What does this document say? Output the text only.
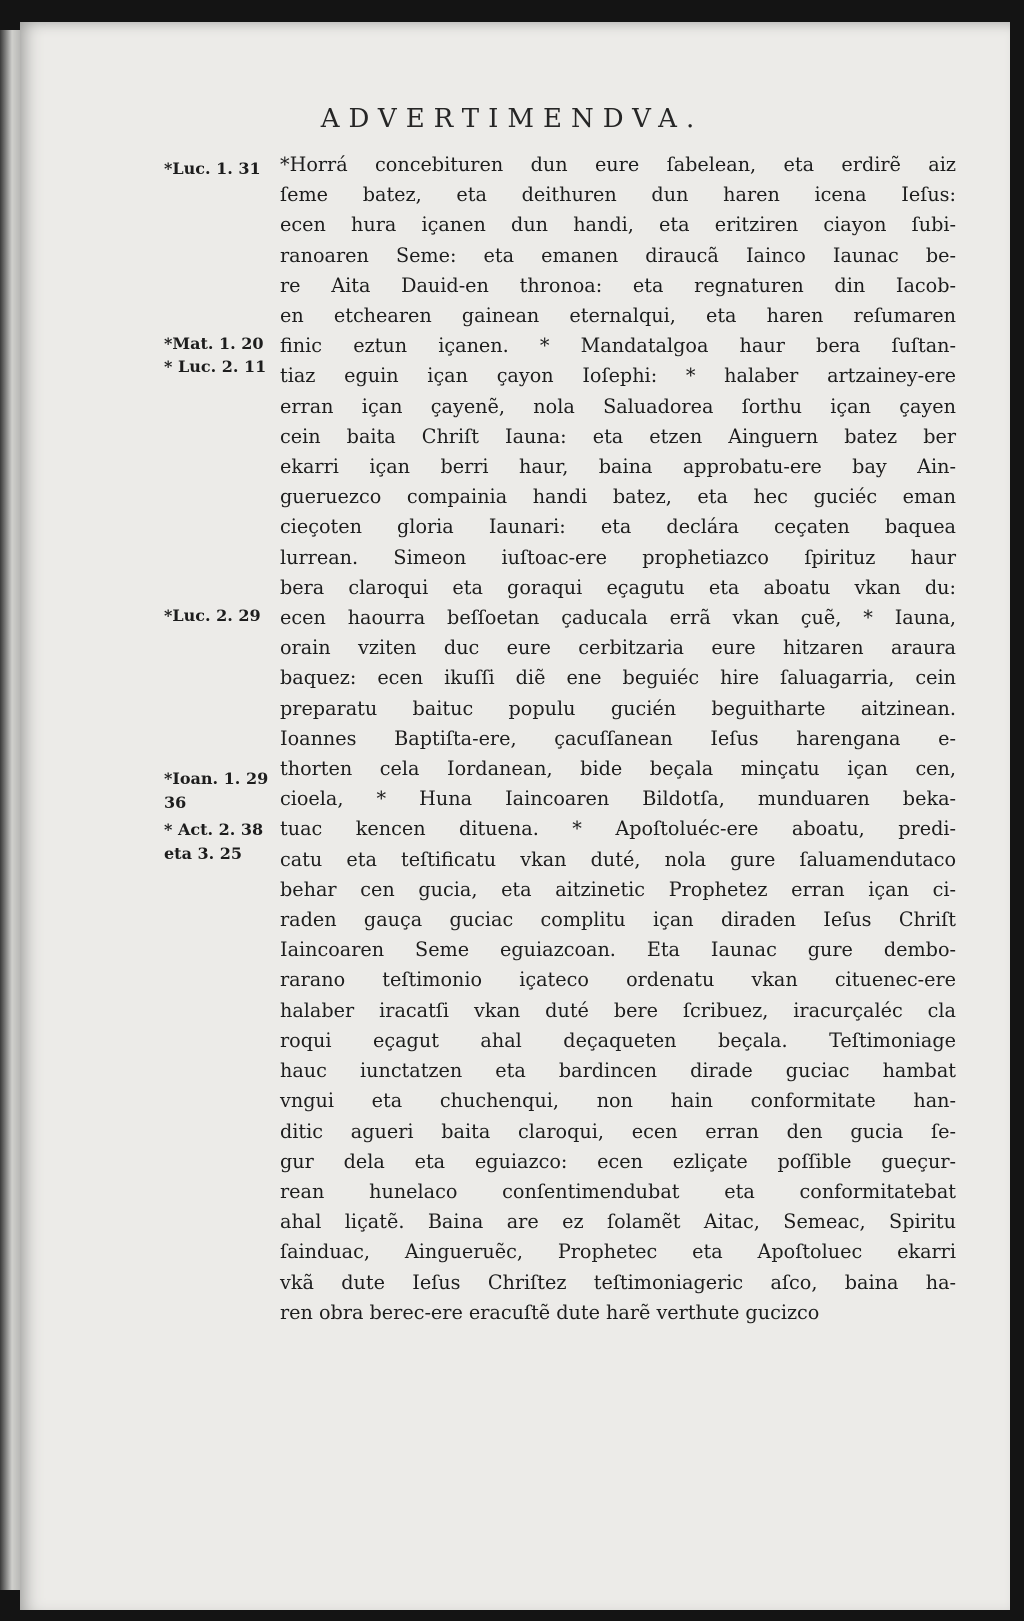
ADVERTIMENDVA.
*Luc. 1. 31
*Mat. 1. 20
* Luc. 2. 11
*Luc. 2. 29
*Ioan. 1. 29
36
* Act. 2. 38
eta 3. 25
*Horrá concebituren dun eure ſabelean, eta erdirẽ aiz
ſeme batez, eta deithuren dun haren icena Ieſus:
ecen hura içanen dun handi, eta eritziren ciayon ſubi-
ranoaren Seme: eta emanen diraucã Iainco Iaunac be-
re Aita Dauid-en thronoa: eta regnaturen din Iacob-
en etchearen gainean eternalqui, eta haren reſumaren
finic eztun içanen. * Mandatalgoa haur bera ſuſtan-
tiaz eguin içan çayon Ioſephi: * halaber artzainey-ere
erran içan çayenẽ, nola Saluadorea ſorthu içan çayen
cein baita Chriſt Iauna: eta etzen Ainguern batez ber
ekarri içan berri haur, baina approbatu-ere bay Ain-
gueruezco compainia handi batez, eta hec guciéc eman
cieçoten gloria Iaunari: eta declára ceçaten baquea
lurrean. Simeon iuſtoac-ere prophetiazco ſpirituz haur
bera claroqui eta goraqui eçagutu eta aboatu vkan du:
ecen haourra beſſoetan çaducala errã vkan çuẽ, * Iauna,
orain vziten duc eure cerbitzaria eure hitzaren araura
baquez: ecen ikuſſi diẽ ene beguiéc hire ſaluagarria, cein
preparatu baituc populu gucién beguitharte aitzinean.
Ioannes Baptiſta-ere, çacuſſanean Ieſus harengana e-
thorten cela Iordanean, bide beçala minçatu içan cen,
cioela, * Huna Iaincoaren Bildotſa, munduaren beka-
tuac kencen dituena. * Apoſtoluéc-ere aboatu, predi-
catu eta teſtificatu vkan duté, nola gure ſaluamendutaco
behar cen gucia, eta aitzinetic Prophetez erran içan ci-
raden gauça guciac complitu içan diraden Ieſus Chriſt
Iaincoaren Seme eguiazcoan. Eta Iaunac gure dembo-
rarano teſtimonio içateco ordenatu vkan cituenec-ere
halaber iracatſi vkan duté bere ſcribuez, iracurçaléc cla
roqui eçagut ahal deçaqueten beçala. Teſtimoniage
hauc iunctatzen eta bardincen dirade guciac hambat
vngui eta chuchenqui, non hain conformitate han-
ditic agueri baita claroqui, ecen erran den gucia ſe-
gur dela eta eguiazco: ecen ezliçate poſſible gueçur-
rean hunelaco conſentimendubat eta conformitatebat
ahal liçatẽ. Baina are ez ſolamẽt Aitac, Semeac, Spiritu
ſainduac, Aingueruẽc, Prophetec eta Apoſtoluec ekarri
vkã dute Ieſus Chriſtez teſtimoniageric aſco, baina ha-
ren obra berec-ere eracuſtẽ dute harẽ verthute gucizco
